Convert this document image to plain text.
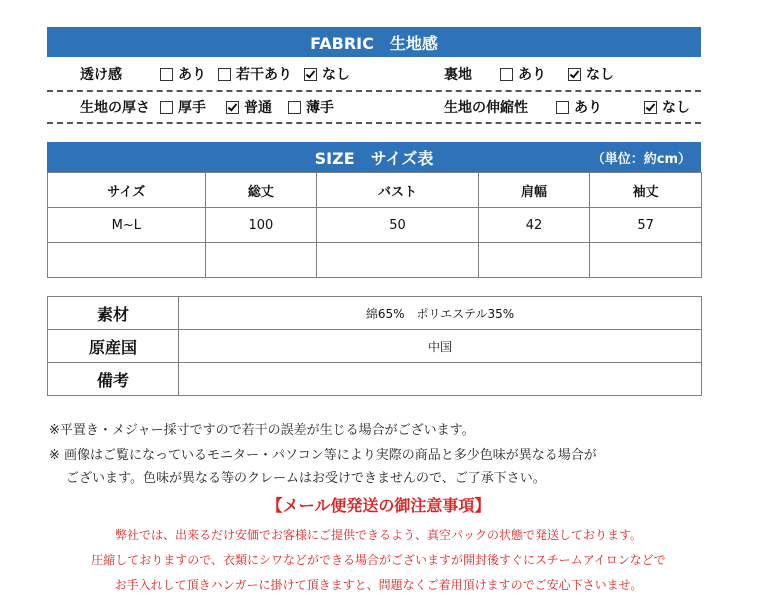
FABRIC　生地感
透け感	あり 若干あり なし	裏地	あり	なし
生地の厚さ	厚手	普通 薄手	生地の伸縮性	あり	なし
SIZE　サイズ表	（単位：約cm）
サイズ	総丈	バスト	肩幅	袖丈
M~L	100	50	42	57

素材	綿65%　ポリエステル35%
原産国	中国
備考	
※平置き・メジャー採寸ですので若干の誤差が生じる場合がございます。
※ 画像はご覧になっているモニター・パソコン等により実際の商品と多少色味が異なる場合が
ございます。色味が異なる等のクレームはお受けできませんので、ご了承下さい。
【メール便発送の御注意事項】
弊社では、出来るだけ安価でお客様にご提供できるよう、真空パックの状態で発送しております。
圧縮しておりますので、衣類にシワなどができる場合がございますが開封後すぐにスチームアイロンなどで
お手入れして頂きハンガーに掛けて頂きますと、問題なくご着用頂けますのでご安心下さいませ。
